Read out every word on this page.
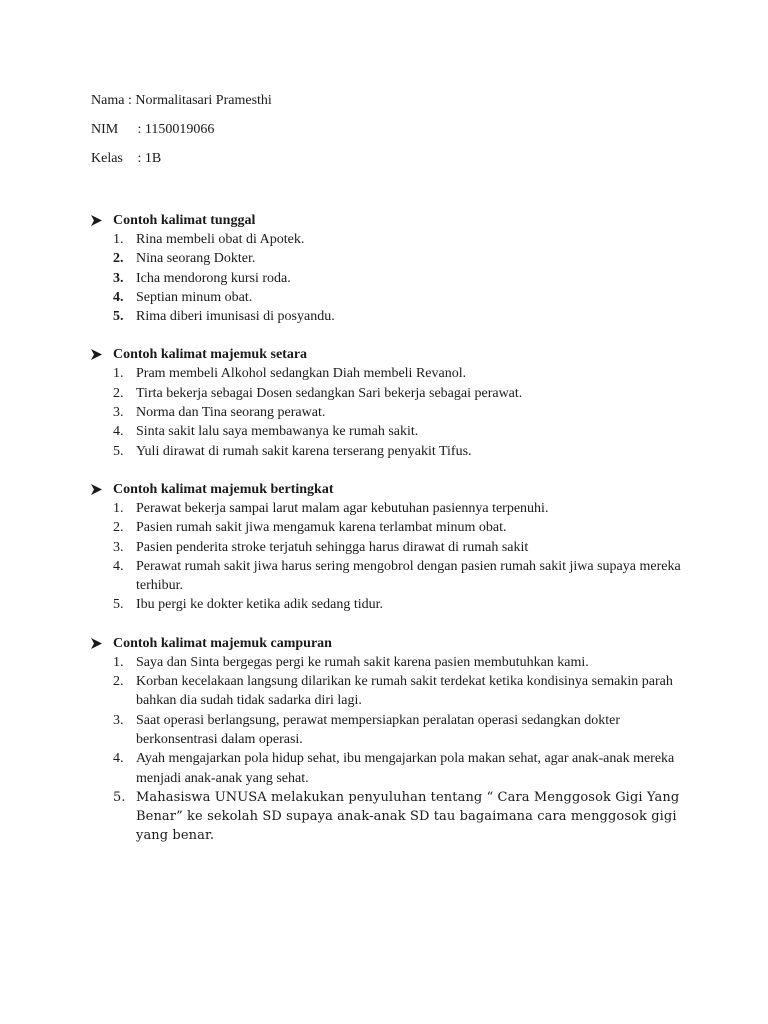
Nama : Normalitasari Pramesthi
NIM : 1150019066
Kelas : 1B
Contoh kalimat tunggal
1. Rina membeli obat di Apotek.
2. Nina seorang Dokter.
3. Icha mendorong kursi roda.
4. Septian minum obat.
5. Rima diberi imunisasi di posyandu.
Contoh kalimat majemuk setara
1. Pram membeli Alkohol sedangkan Diah membeli Revanol.
2. Tirta bekerja sebagai Dosen sedangkan Sari bekerja sebagai perawat.
3. Norma dan Tina seorang perawat.
4. Sinta sakit lalu saya membawanya ke rumah sakit.
5. Yuli dirawat di rumah sakit karena terserang penyakit Tifus.
Contoh kalimat majemuk bertingkat
1. Perawat bekerja sampai larut malam agar kebutuhan pasiennya terpenuhi.
2. Pasien rumah sakit jiwa mengamuk karena terlambat minum obat.
3. Pasien penderita stroke terjatuh sehingga harus dirawat di rumah sakit
4. Perawat rumah sakit jiwa harus sering mengobrol dengan pasien rumah sakit jiwa supaya mereka terhibur.
5. Ibu pergi ke dokter ketika adik sedang tidur.
Contoh kalimat majemuk campuran
1. Saya dan Sinta bergegas pergi ke rumah sakit karena pasien membutuhkan kami.
2. Korban kecelakaan langsung dilarikan ke rumah sakit terdekat ketika kondisinya semakin parah bahkan dia sudah tidak sadarka diri lagi.
3. Saat operasi berlangsung, perawat mempersiapkan peralatan operasi sedangkan dokter berkonsentrasi dalam operasi.
4. Ayah mengajarkan pola hidup sehat, ibu mengajarkan pola makan sehat, agar anak-anak mereka menjadi anak-anak yang sehat.
5. Mahasiswa UNUSA melakukan penyuluhan tentang “ Cara Menggosok Gigi Yang Benar” ke sekolah SD supaya anak-anak SD tau bagaimana cara menggosok gigi yang benar.
